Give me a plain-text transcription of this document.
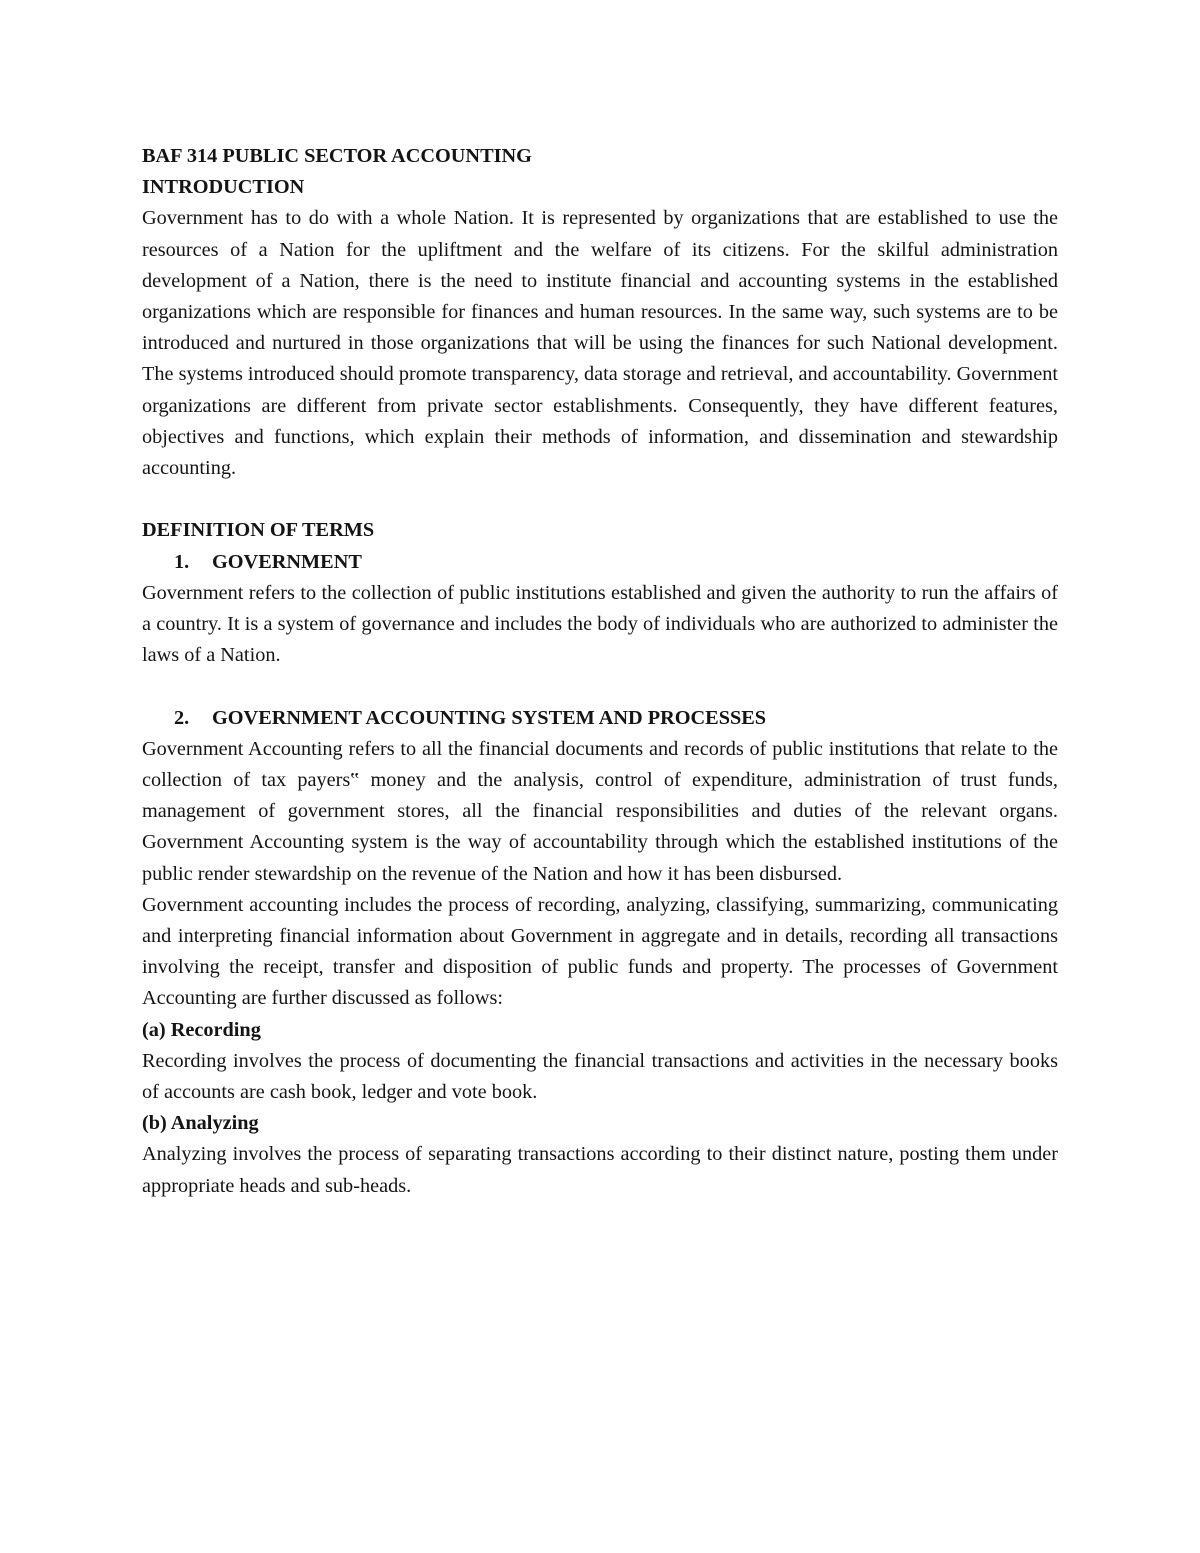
BAF 314 PUBLIC SECTOR ACCOUNTING
INTRODUCTION

Government has to do with a whole Nation. It is represented by organizations that are established to use the resources of a Nation for the upliftment and the welfare of its citizens. For the skilful administration development of a Nation, there is the need to institute financial and accounting systems in the established organizations which are responsible for finances and human resources. In the same way, such systems are to be introduced and nurtured in those organizations that will be using the finances for such National development. The systems introduced should promote transparency, data storage and retrieval, and accountability. Government organizations are different from private sector establishments. Consequently, they have different features, objectives and functions, which explain their methods of information, and dissemination and stewardship accounting.

DEFINITION OF TERMS
1.	GOVERNMENT

Government refers to the collection of public institutions established and given the authority to run the affairs of a country. It is a system of governance and includes the body of individuals who are authorized to administer the laws of a Nation.

2.	GOVERNMENT ACCOUNTING SYSTEM AND PROCESSES

Government Accounting refers to all the financial documents and records of public institutions that relate to the collection of tax payers‟ money and the analysis, control of expenditure, administration of trust funds, management of government stores, all the financial responsibilities and duties of the relevant organs. Government Accounting system is the way of accountability through which the established institutions of the public render stewardship on the revenue of the Nation and how it has been disbursed.

Government accounting includes the process of recording, analyzing, classifying, summarizing, communicating and interpreting financial information about Government in aggregate and in details, recording all transactions involving the receipt, transfer and disposition of public funds and property. The processes of Government Accounting are further discussed as follows:

(a) Recording

Recording involves the process of documenting the financial transactions and activities in the necessary books of accounts are cash book, ledger and vote book.

(b) Analyzing

Analyzing involves the process of separating transactions according to their distinct nature, posting them under appropriate heads and sub-heads.
